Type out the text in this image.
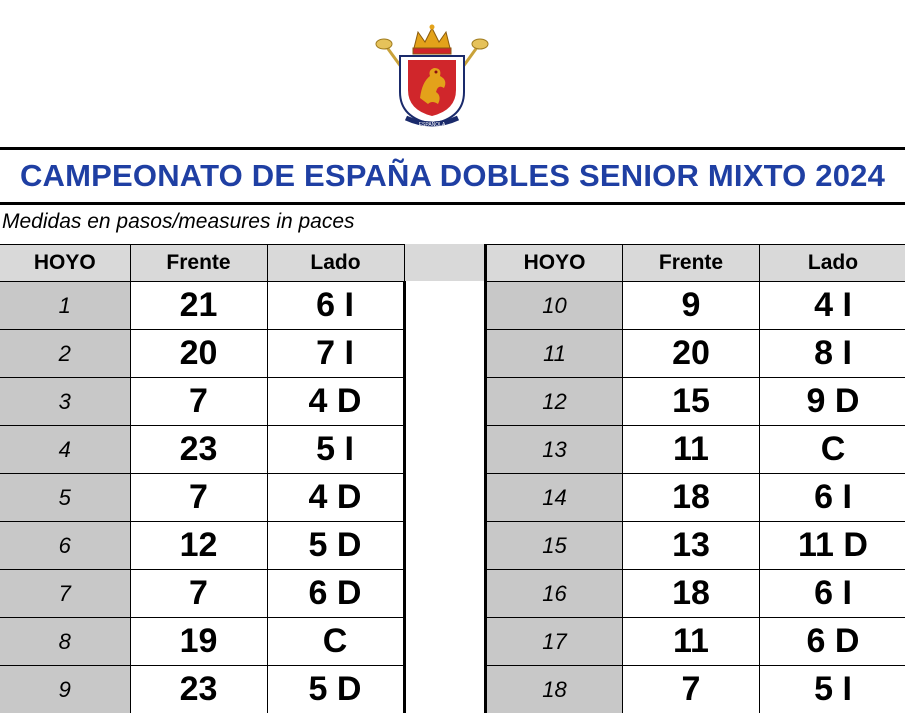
ESPAÑOLA
CAMPEONATO DE ESPAÑA DOBLES SENIOR MIXTO 2024
Medidas en pasos/measures in paces
HOYO	Frente	Lado
1	21	6 I
2	20	7 I
3	7	4 D
4	23	5 I
5	7	4 D
6	12	5 D
7	7	6 D
8	19	C
9	23	5 D
HOYO	Frente	Lado
10	9	4 I
11	20	8 I
12	15	9 D
13	11	C
14	18	6 I
15	13	11 D
16	18	6 I
17	11	6 D
18	7	5 I
